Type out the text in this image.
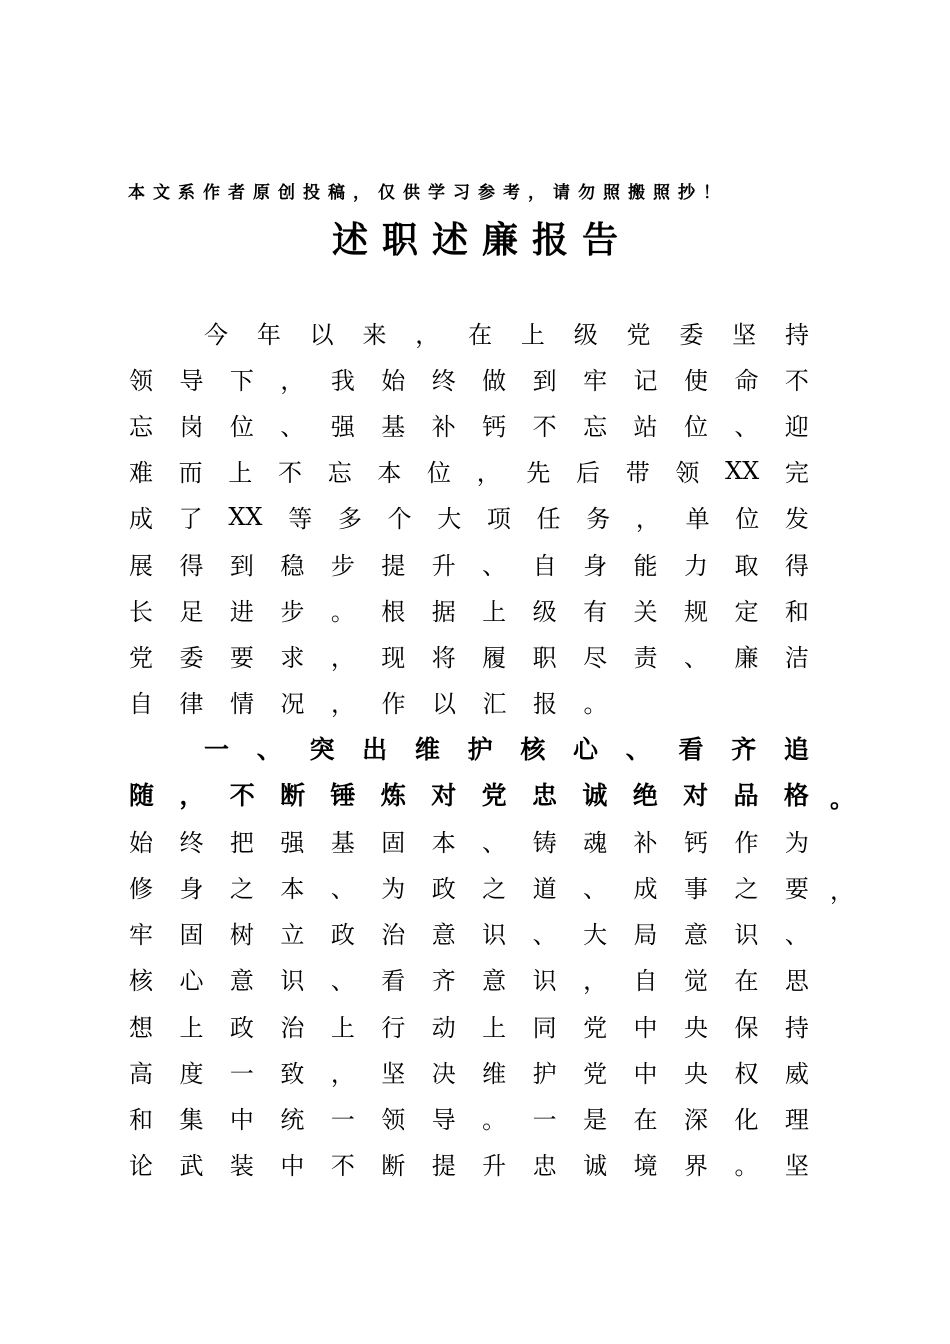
本文系作者原创投稿，仅供学习参考，请勿照搬照抄！
述职述廉报告
今 年 以 来 ， 在 上 级 党 委 坚 持
领 导 下 ， 我 始 终 做 到 牢 记 使 命 不
忘 岗 位 、 强 基 补 钙 不 忘 站 位 、 迎
难 而 上 不 忘 本 位 ， 先 后 带 领 XX 完
成 了 XX 等 多 个 大 项 任 务 ， 单 位 发
展 得 到 稳 步 提 升 、 自 身 能 力 取 得
长 足 进 步 。 根 据 上 级 有 关 规 定 和
党 委 要 求 ， 现 将 履 职 尽 责 、 廉 洁
自 律 情 况 ， 作 以 汇 报 。
一 、 突 出 维 护 核 心 、 看 齐 追
随 ， 不 断 锤 炼 对 党 忠 诚 绝 对 品 格 。
始 终 把 强 基 固 本 、 铸 魂 补 钙 作 为
修 身 之 本 、 为 政 之 道 、 成 事 之 要 ，
牢 固 树 立 政 治 意 识 、 大 局 意 识 、
核 心 意 识 、 看 齐 意 识 ， 自 觉 在 思
想 上 政 治 上 行 动 上 同 党 中 央 保 持
高 度 一 致 ， 坚 决 维 护 党 中 央 权 威
和 集 中 统 一 领 导 。 一 是 在 深 化 理
论 武 装 中 不 断 提 升 忠 诚 境 界 。 坚
